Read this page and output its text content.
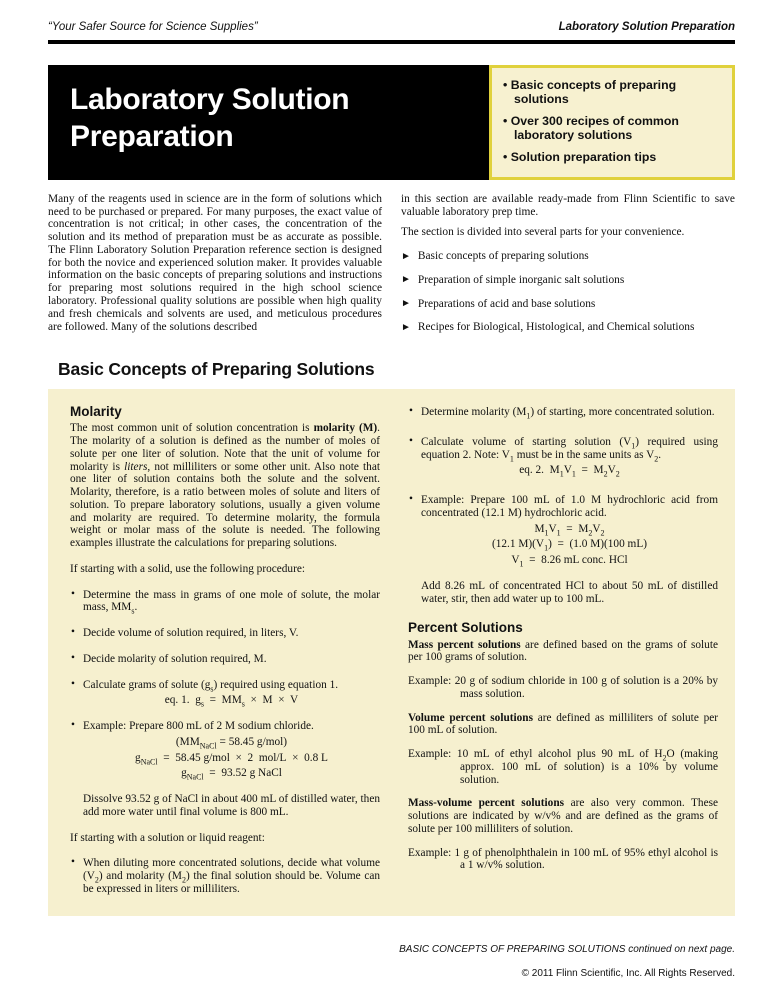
“Your Safer Source for Science Supplies”	Laboratory Solution Preparation
Laboratory Solution
Preparation
• Basic concepts of preparing solutions
• Over 300 recipes of common laboratory solutions
• Solution preparation tips

Many of the reagents used in science are in the form of solutions which need to be purchased or prepared. For many purposes, the exact value of concentration is not critical; in other cases, the concentration of the solution and its method of preparation must be as accurate as possible. The Flinn Laboratory Solution Preparation reference section is designed for both the novice and experienced solution maker. It provides valuable information on the basic concepts of preparing solutions and instructions for preparing most solutions required in the high school science laboratory. Professional quality solutions are possible when high quality and fresh chemicals and solvents are used, and meticulous procedures are followed. Many of the solutions described

in this section are available ready-made from Flinn Scientific to save valuable laboratory prep time.

The section is divided into several parts for your convenience.

► Basic concepts of preparing solutions
► Preparation of simple inorganic salt solutions
► Preparations of acid and base solutions
► Recipes for Biological, Histological, and Chemical solutions
Basic Concepts of Preparing Solutions
Molarity

The most common unit of solution concentration is molarity (M). The molarity of a solution is defined as the number of moles of solute per one liter of solution. Note that the unit of volume for molarity is liters, not milliliters or some other unit. Also note that one liter of solution contains both the solute and the solvent. Molarity, therefore, is a ratio between moles of solute and liters of solution. To prepare laboratory solutions, usually a given volume and molarity are required. To determine molarity, the formula weight or molar mass of the solute is needed. The following examples illustrate the calculations for preparing solutions.

If starting with a solid, use the following procedure:

• Determine the mass in grams of one mole of solute, the molar mass, $MM_s$.
• Decide volume of solution required, in liters, V.
• Decide molarity of solution required, M.
• Calculate grams of solute $(g_s)$ required using equation 1.
eq. 1.  $g_s = MM_s \times M \times V$
• Example: Prepare 800 mL of 2 M sodium chloride.
($MM_{NaCl} = 58.45$ g/mol)
$g_{NaCl} = 58.45$ g/mol  ×  2  mol/L  ×  0.8 L
$g_{NaCl} = 93.52$ g NaCl

Dissolve 93.52 g of NaCl in about 400 mL of distilled water, then add more water until final volume is 800 mL.

If starting with a solution or liquid reagent:

• When diluting more concentrated solutions, decide what volume $(V_2)$ and molarity $(M_2)$ the final solution should be. Volume can be expressed in liters or milliliters.
• Determine molarity $(M_1)$ of starting, more concentrated solution.
• Calculate volume of starting solution $(V_1)$ required using equation 2. Note: $V_1$ must be in the same units as $V_2$.
eq. 2.  $M_1V_1 = M_2V_2$
• Example: Prepare 100 mL of 1.0 M hydrochloric acid from concentrated (12.1 M) hydrochloric acid.
$M_1V_1 = M_2V_2$
(12.1 $M)(V_1) = (1.0$ M)(100 mL)
$V_1 = 8.26$ mL conc. HCl

Add 8.26 mL of concentrated HCl to about 50 mL of distilled water, stir, then add water up to 100 mL.

Percent Solutions

Mass percent solutions are defined based on the grams of solute per 100 grams of solution.

Example: 20 g of sodium chloride in 100 g of solution is a 20% by mass solution.

Volume percent solutions are defined as milliliters of solute per 100 mL of solution.

Example: 10 mL of ethyl alcohol plus 90 mL of $H_2O$ (making approx. 100 mL of solution) is a 10% by volume solution.

Mass-volume percent solutions are also very common. These solutions are indicated by w/v% and are defined as the grams of solute per 100 milliliters of solution.

Example: 1 g of phenolphthalein in 100 mL of 95% ethyl alcohol is a 1 w/v% solution.

BASIC CONCEPTS OF PREPARING SOLUTIONS continued on next page.
© 2011 Flinn Scientific, Inc. All Rights Reserved.
